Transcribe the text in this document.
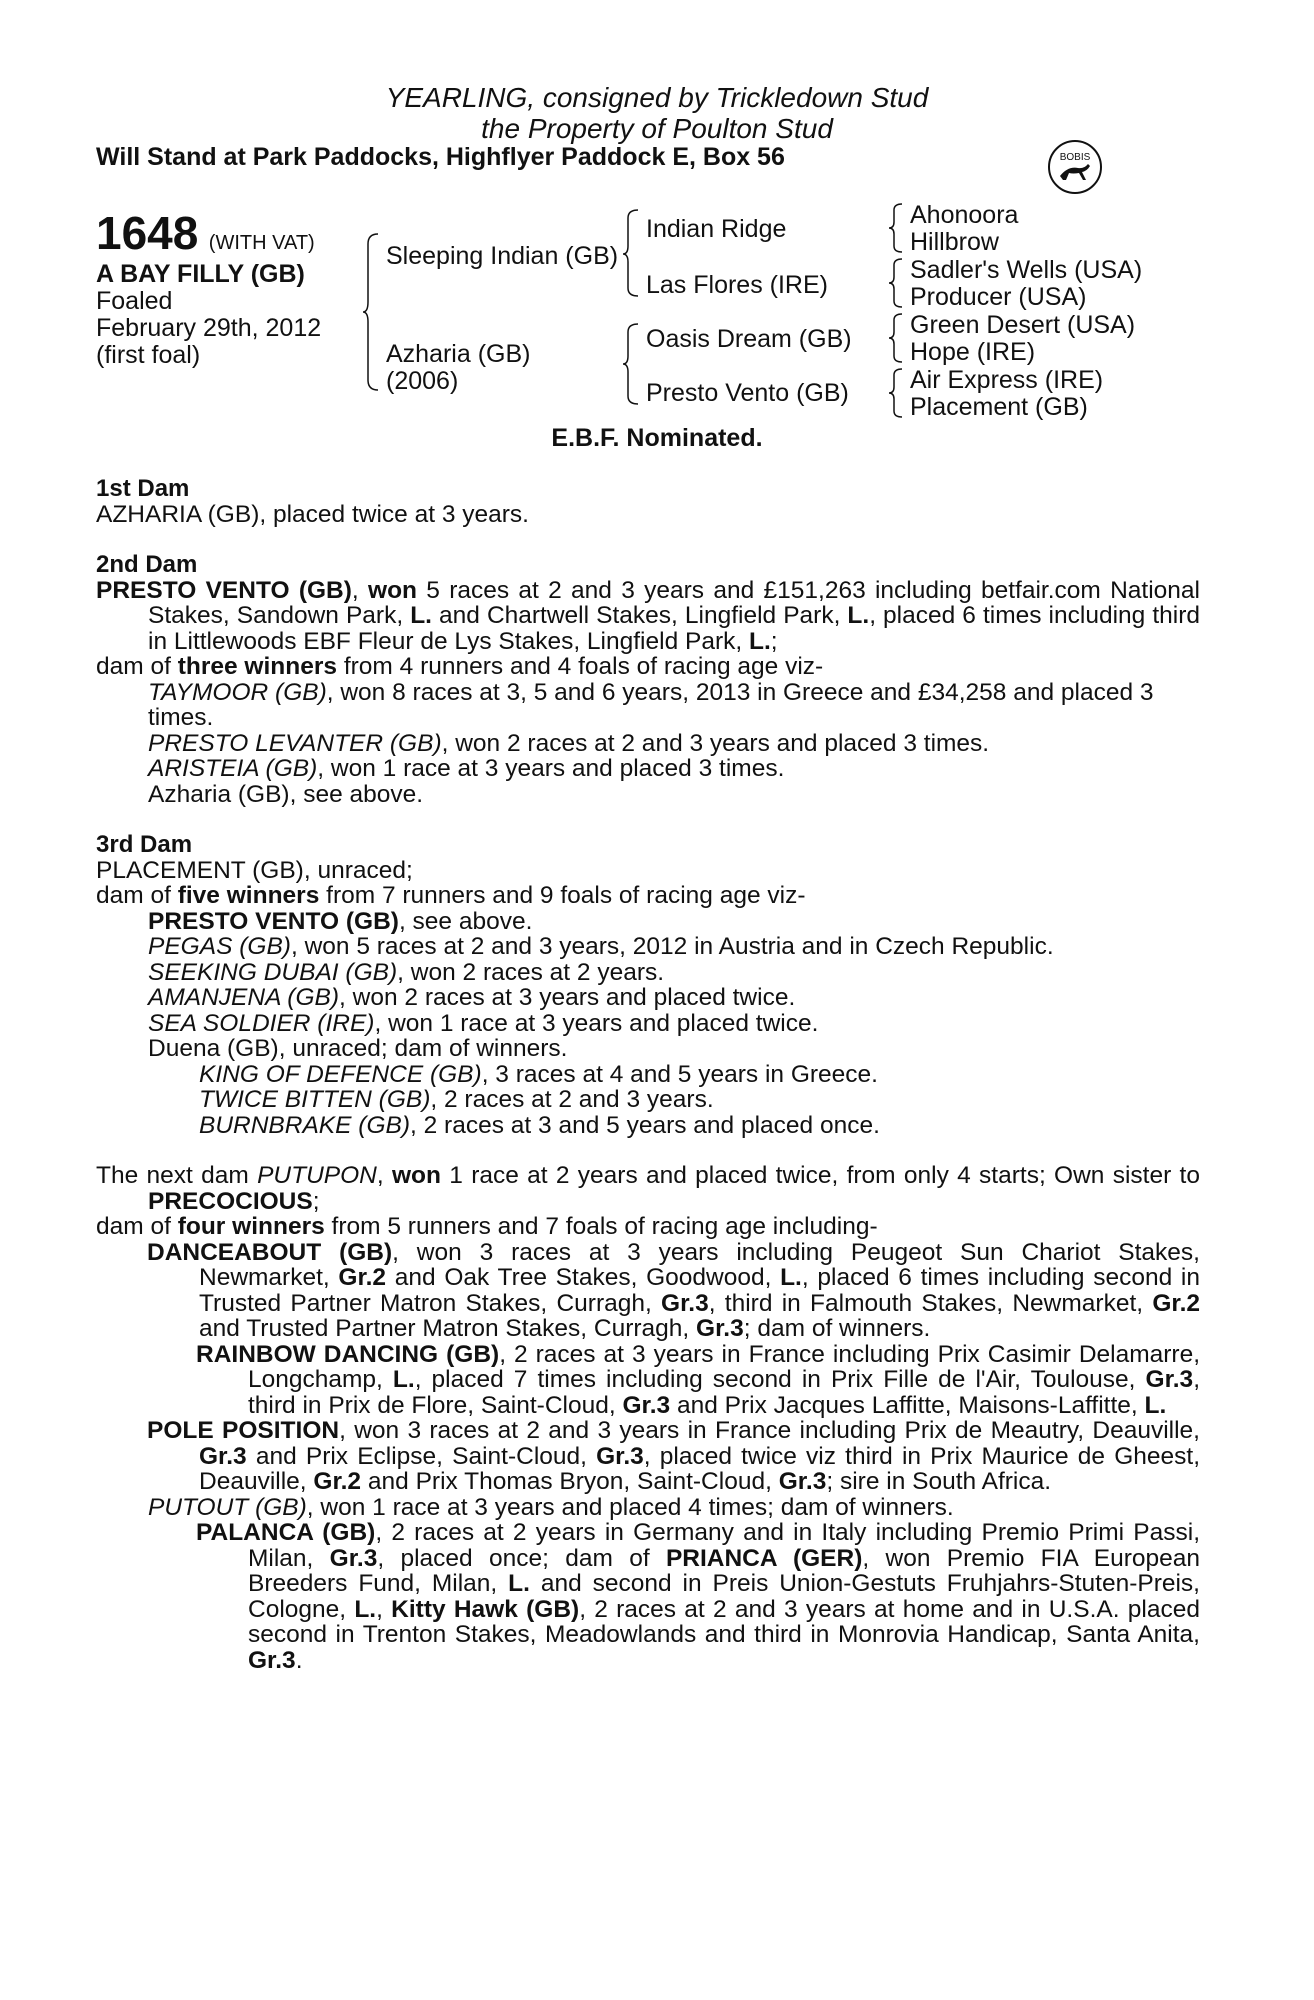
YEARLING, consigned by Trickledown Stud
the Property of Poulton Stud
Will Stand at Park Paddocks, Highflyer Paddock E, Box 56	BOBIS
1648 (WITH VAT)
A BAY FILLY (GB)
Foaled
February 29th, 2012
(first foal)
Sleeping Indian (GB)
Azharia (GB)
(2006)
Indian Ridge
Las Flores (IRE)
Oasis Dream (GB)
Presto Vento (GB)
Ahonoora
Hillbrow
Sadler's Wells (USA)
Producer (USA)
Green Desert (USA)
Hope (IRE)
Air Express (IRE)
Placement (GB)
E.B.F. Nominated.

1st Dam

AZHARIA (GB), placed twice at 3 years.

2nd Dam

PRESTO VENTO (GB), won 5 races at 2 and 3 years and £151,263 including betfair.com National Stakes, Sandown Park, L. and Chartwell Stakes, Lingfield Park, L., placed 6 times including third in Littlewoods EBF Fleur de Lys Stakes, Lingfield Park, L.;

dam of three winners from 4 runners and 4 foals of racing age viz-

TAYMOOR (GB), won 8 races at 3, 5 and 6 years, 2013 in Greece and £34,258 and placed 3 times.

PRESTO LEVANTER (GB), won 2 races at 2 and 3 years and placed 3 times.

ARISTEIA (GB), won 1 race at 3 years and placed 3 times.

Azharia (GB), see above.

3rd Dam

PLACEMENT (GB), unraced;

dam of five winners from 7 runners and 9 foals of racing age viz-

PRESTO VENTO (GB), see above.

PEGAS (GB), won 5 races at 2 and 3 years, 2012 in Austria and in Czech Republic.

SEEKING DUBAI (GB), won 2 races at 2 years.

AMANJENA (GB), won 2 races at 3 years and placed twice.

SEA SOLDIER (IRE), won 1 race at 3 years and placed twice.

Duena (GB), unraced; dam of winners.

KING OF DEFENCE (GB), 3 races at 4 and 5 years in Greece.

TWICE BITTEN (GB), 2 races at 2 and 3 years.

BURNBRAKE (GB), 2 races at 3 and 5 years and placed once.

The next dam PUTUPON, won 1 race at 2 years and placed twice, from only 4 starts; Own sister to PRECOCIOUS;

dam of four winners from 5 runners and 7 foals of racing age including-

DANCEABOUT (GB), won 3 races at 3 years including Peugeot Sun Chariot Stakes, Newmarket, Gr.2 and Oak Tree Stakes, Goodwood, L., placed 6 times including second in Trusted Partner Matron Stakes, Curragh, Gr.3, third in Falmouth Stakes, Newmarket, Gr.2 and Trusted Partner Matron Stakes, Curragh, Gr.3; dam of winners.

RAINBOW DANCING (GB), 2 races at 3 years in France including Prix Casimir Delamarre, Longchamp, L., placed 7 times including second in Prix Fille de l'Air, Toulouse, Gr.3, third in Prix de Flore, Saint-Cloud, Gr.3 and Prix Jacques Laffitte, Maisons-Laffitte, L.

POLE POSITION, won 3 races at 2 and 3 years in France including Prix de Meautry, Deauville, Gr.3 and Prix Eclipse, Saint-Cloud, Gr.3, placed twice viz third in Prix Maurice de Gheest, Deauville, Gr.2 and Prix Thomas Bryon, Saint-Cloud, Gr.3; sire in South Africa.

PUTOUT (GB), won 1 race at 3 years and placed 4 times; dam of winners.

PALANCA (GB), 2 races at 2 years in Germany and in Italy including Premio Primi Passi, Milan, Gr.3, placed once; dam of PRIANCA (GER), won Premio FIA European Breeders Fund, Milan, L. and second in Preis Union-Gestuts Fruhjahrs-Stuten-Preis, Cologne, L., Kitty Hawk (GB), 2 races at 2 and 3 years at home and in U.S.A. placed second in Trenton Stakes, Meadowlands and third in Monrovia Handicap, Santa Anita, Gr.3.
